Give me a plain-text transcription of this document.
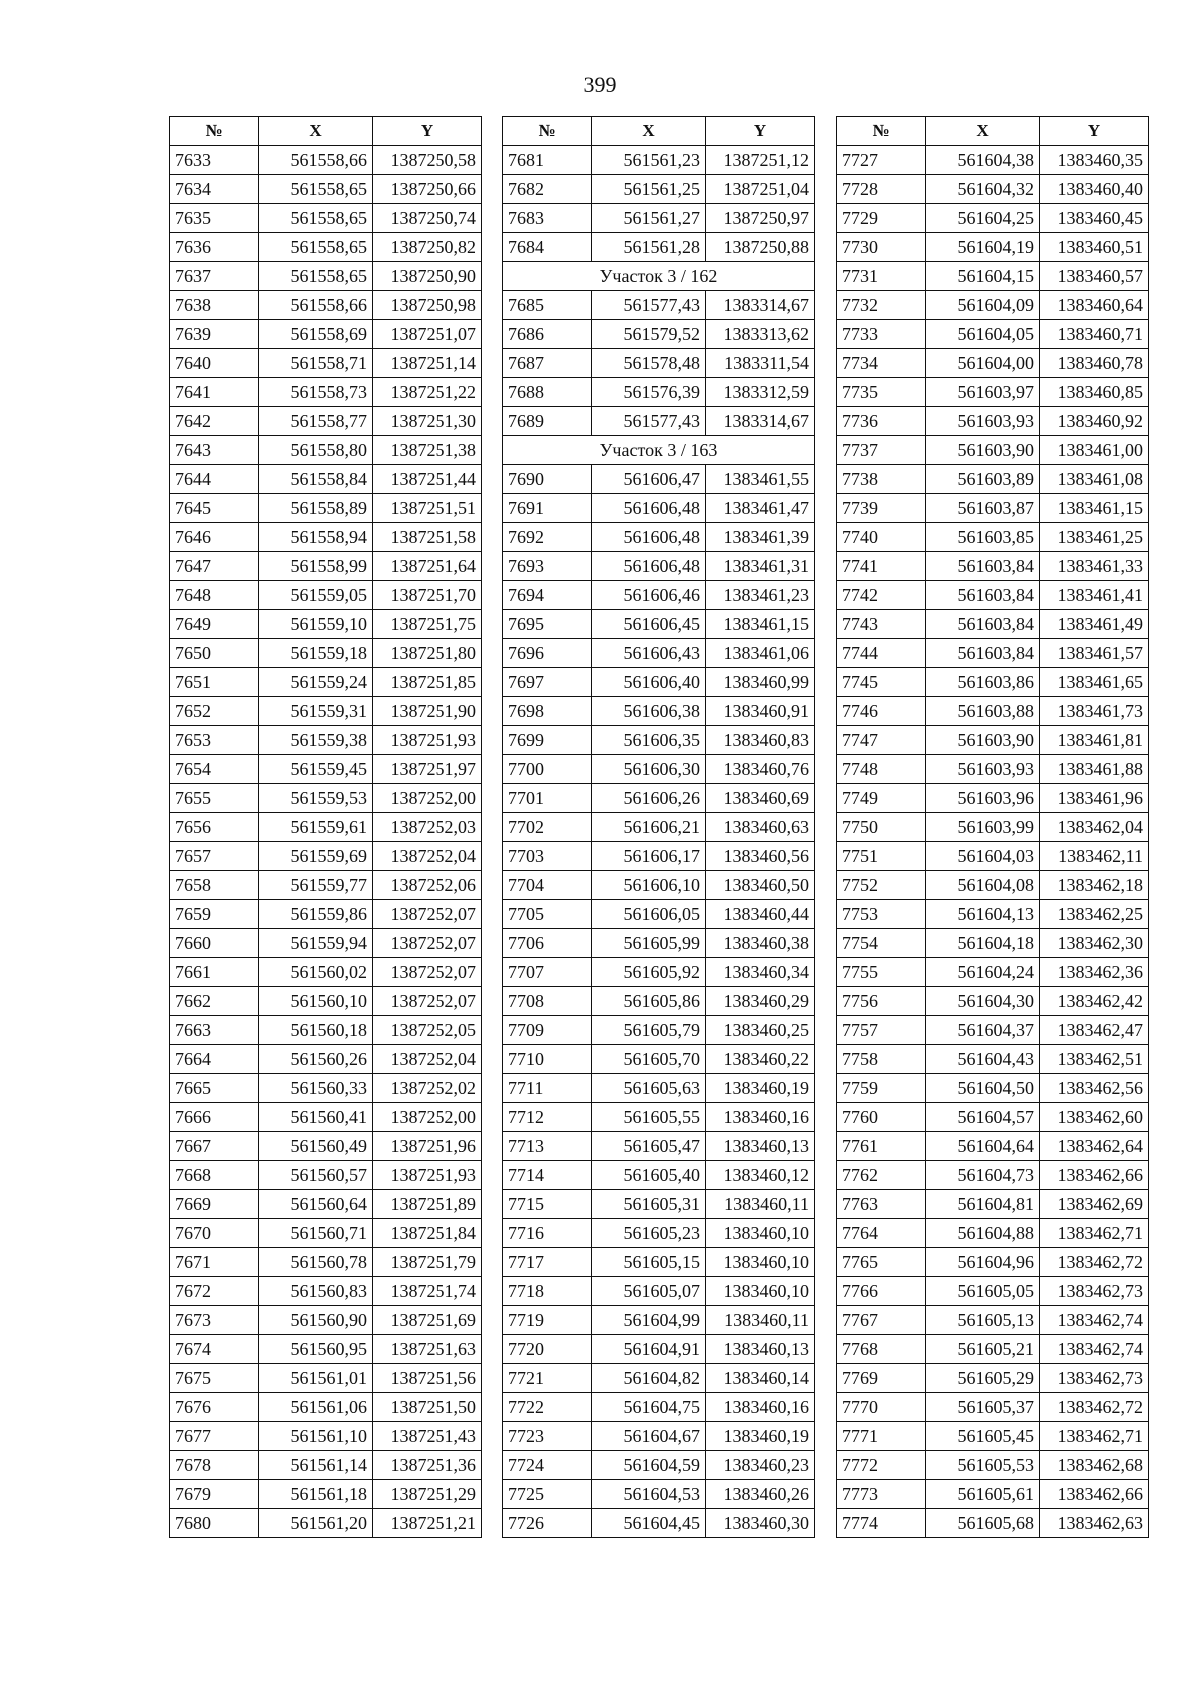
399
№	X	Y
7633	561558,66	1387250,58
7634	561558,65	1387250,66
7635	561558,65	1387250,74
7636	561558,65	1387250,82
7637	561558,65	1387250,90
7638	561558,66	1387250,98
7639	561558,69	1387251,07
7640	561558,71	1387251,14
7641	561558,73	1387251,22
7642	561558,77	1387251,30
7643	561558,80	1387251,38
7644	561558,84	1387251,44
7645	561558,89	1387251,51
7646	561558,94	1387251,58
7647	561558,99	1387251,64
7648	561559,05	1387251,70
7649	561559,10	1387251,75
7650	561559,18	1387251,80
7651	561559,24	1387251,85
7652	561559,31	1387251,90
7653	561559,38	1387251,93
7654	561559,45	1387251,97
7655	561559,53	1387252,00
7656	561559,61	1387252,03
7657	561559,69	1387252,04
7658	561559,77	1387252,06
7659	561559,86	1387252,07
7660	561559,94	1387252,07
7661	561560,02	1387252,07
7662	561560,10	1387252,07
7663	561560,18	1387252,05
7664	561560,26	1387252,04
7665	561560,33	1387252,02
7666	561560,41	1387252,00
7667	561560,49	1387251,96
7668	561560,57	1387251,93
7669	561560,64	1387251,89
7670	561560,71	1387251,84
7671	561560,78	1387251,79
7672	561560,83	1387251,74
7673	561560,90	1387251,69
7674	561560,95	1387251,63
7675	561561,01	1387251,56
7676	561561,06	1387251,50
7677	561561,10	1387251,43
7678	561561,14	1387251,36
7679	561561,18	1387251,29
7680	561561,20	1387251,21
№	X	Y
7681	561561,23	1387251,12
7682	561561,25	1387251,04
7683	561561,27	1387250,97
7684	561561,28	1387250,88
Участок 3 / 162		
7685	561577,43	1383314,67
7686	561579,52	1383313,62
7687	561578,48	1383311,54
7688	561576,39	1383312,59
7689	561577,43	1383314,67
Участок 3 / 163		
7690	561606,47	1383461,55
7691	561606,48	1383461,47
7692	561606,48	1383461,39
7693	561606,48	1383461,31
7694	561606,46	1383461,23
7695	561606,45	1383461,15
7696	561606,43	1383461,06
7697	561606,40	1383460,99
7698	561606,38	1383460,91
7699	561606,35	1383460,83
7700	561606,30	1383460,76
7701	561606,26	1383460,69
7702	561606,21	1383460,63
7703	561606,17	1383460,56
7704	561606,10	1383460,50
7705	561606,05	1383460,44
7706	561605,99	1383460,38
7707	561605,92	1383460,34
7708	561605,86	1383460,29
7709	561605,79	1383460,25
7710	561605,70	1383460,22
7711	561605,63	1383460,19
7712	561605,55	1383460,16
7713	561605,47	1383460,13
7714	561605,40	1383460,12
7715	561605,31	1383460,11
7716	561605,23	1383460,10
7717	561605,15	1383460,10
7718	561605,07	1383460,10
7719	561604,99	1383460,11
7720	561604,91	1383460,13
7721	561604,82	1383460,14
7722	561604,75	1383460,16
7723	561604,67	1383460,19
7724	561604,59	1383460,23
7725	561604,53	1383460,26
7726	561604,45	1383460,30
№	X	Y
7727	561604,38	1383460,35
7728	561604,32	1383460,40
7729	561604,25	1383460,45
7730	561604,19	1383460,51
7731	561604,15	1383460,57
7732	561604,09	1383460,64
7733	561604,05	1383460,71
7734	561604,00	1383460,78
7735	561603,97	1383460,85
7736	561603,93	1383460,92
7737	561603,90	1383461,00
7738	561603,89	1383461,08
7739	561603,87	1383461,15
7740	561603,85	1383461,25
7741	561603,84	1383461,33
7742	561603,84	1383461,41
7743	561603,84	1383461,49
7744	561603,84	1383461,57
7745	561603,86	1383461,65
7746	561603,88	1383461,73
7747	561603,90	1383461,81
7748	561603,93	1383461,88
7749	561603,96	1383461,96
7750	561603,99	1383462,04
7751	561604,03	1383462,11
7752	561604,08	1383462,18
7753	561604,13	1383462,25
7754	561604,18	1383462,30
7755	561604,24	1383462,36
7756	561604,30	1383462,42
7757	561604,37	1383462,47
7758	561604,43	1383462,51
7759	561604,50	1383462,56
7760	561604,57	1383462,60
7761	561604,64	1383462,64
7762	561604,73	1383462,66
7763	561604,81	1383462,69
7764	561604,88	1383462,71
7765	561604,96	1383462,72
7766	561605,05	1383462,73
7767	561605,13	1383462,74
7768	561605,21	1383462,74
7769	561605,29	1383462,73
7770	561605,37	1383462,72
7771	561605,45	1383462,71
7772	561605,53	1383462,68
7773	561605,61	1383462,66
7774	561605,68	1383462,63
